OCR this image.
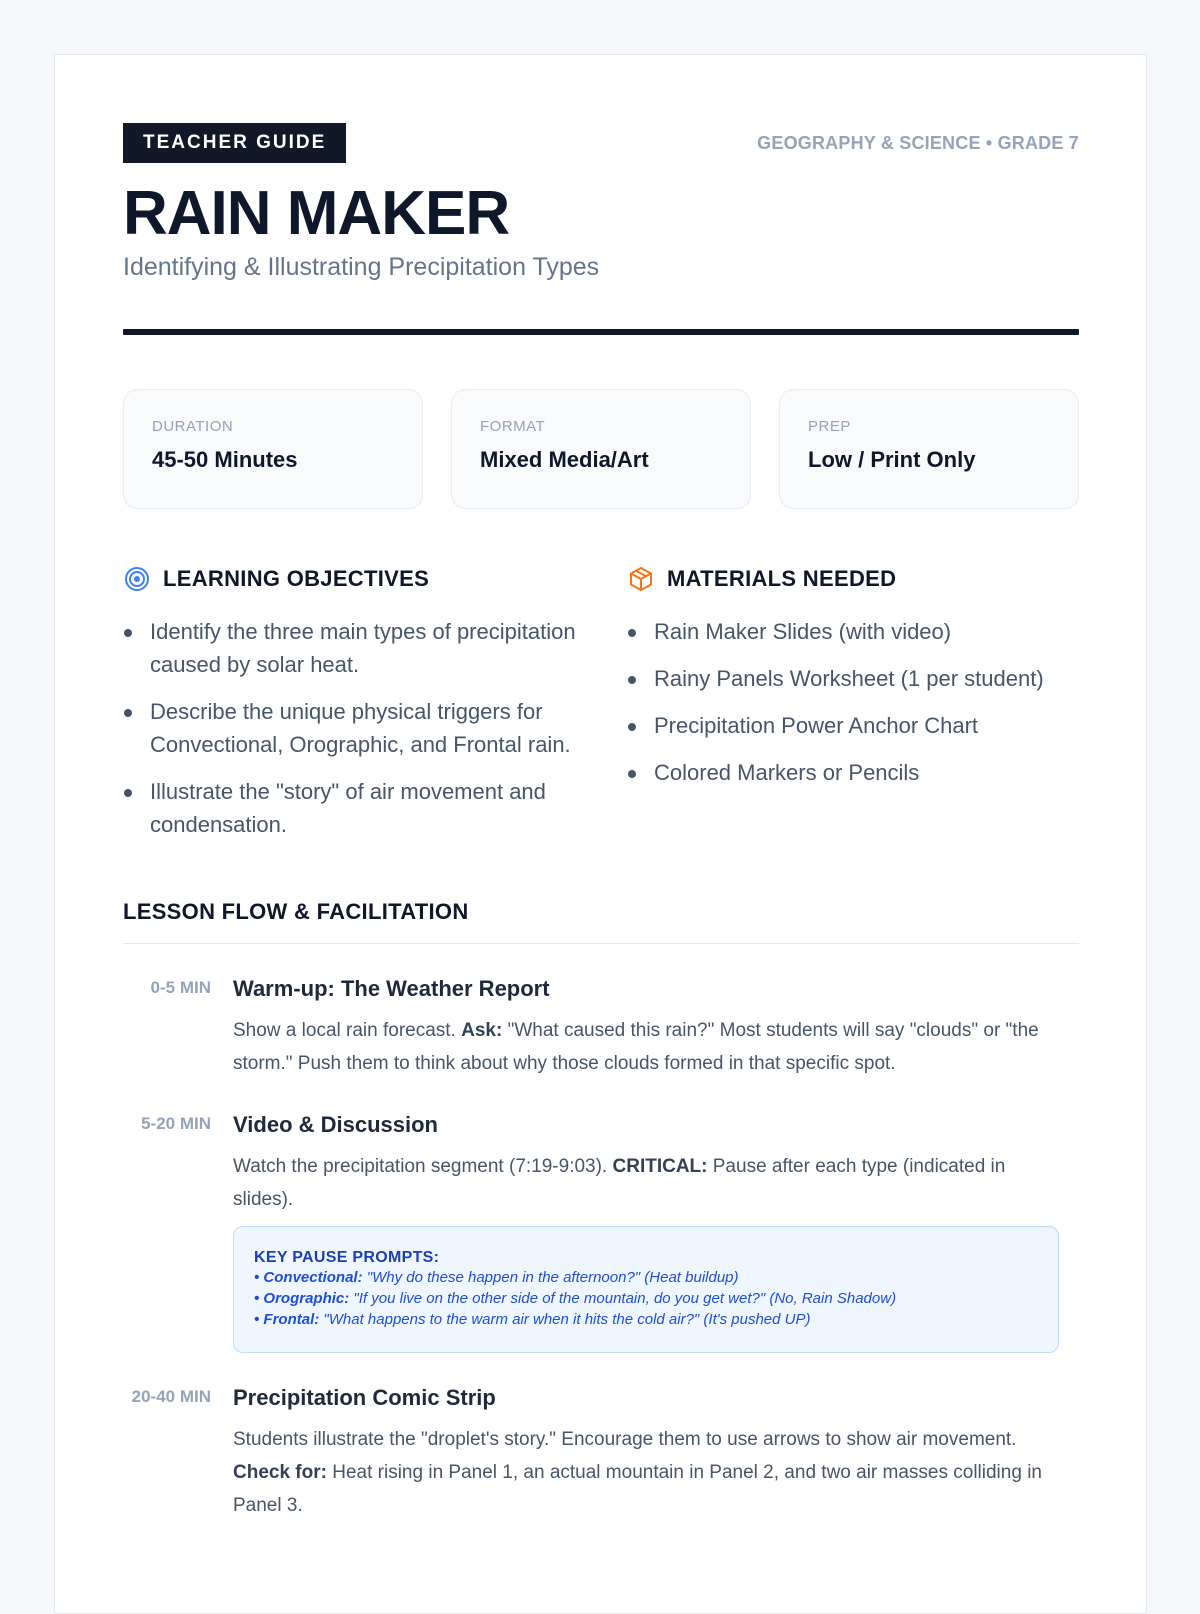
TEACHER GUIDE	GEOGRAPHY & SCIENCE • GRADE 7
RAIN MAKER
Identifying & Illustrating Precipitation Types
DURATION
45-50 Minutes
FORMAT
Mixed Media/Art
PREP
Low / Print Only
LEARNING OBJECTIVES
Identify the three main types of precipitation caused by solar heat.
Describe the unique physical triggers for Convectional, Orographic, and Frontal rain.
Illustrate the "story" of air movement and condensation.
MATERIALS NEEDED
Rain Maker Slides (with video)
Rainy Panels Worksheet (1 per student)
Precipitation Power Anchor Chart
Colored Markers or Pencils
LESSON FLOW & FACILITATION
0-5 MIN	Warm-up: The Weather Report
Show a local rain forecast. Ask: "What caused this rain?" Most students will say "clouds" or "the storm." Push them to think about why those clouds formed in that specific spot.
5-20 MIN	Video & Discussion
Watch the precipitation segment (7:19-9:03). CRITICAL: Pause after each type (indicated in slides).
KEY PAUSE PROMPTS:
• Convectional: "Why do these happen in the afternoon?" (Heat buildup)
• Orographic: "If you live on the other side of the mountain, do you get wet?" (No, Rain Shadow)
• Frontal: "What happens to the warm air when it hits the cold air?" (It's pushed UP)
20-40 MIN	Precipitation Comic Strip
Students illustrate the "droplet's story." Encourage them to use arrows to show air movement. Check for: Heat rising in Panel 1, an actual mountain in Panel 2, and two air masses colliding in Panel 3.
